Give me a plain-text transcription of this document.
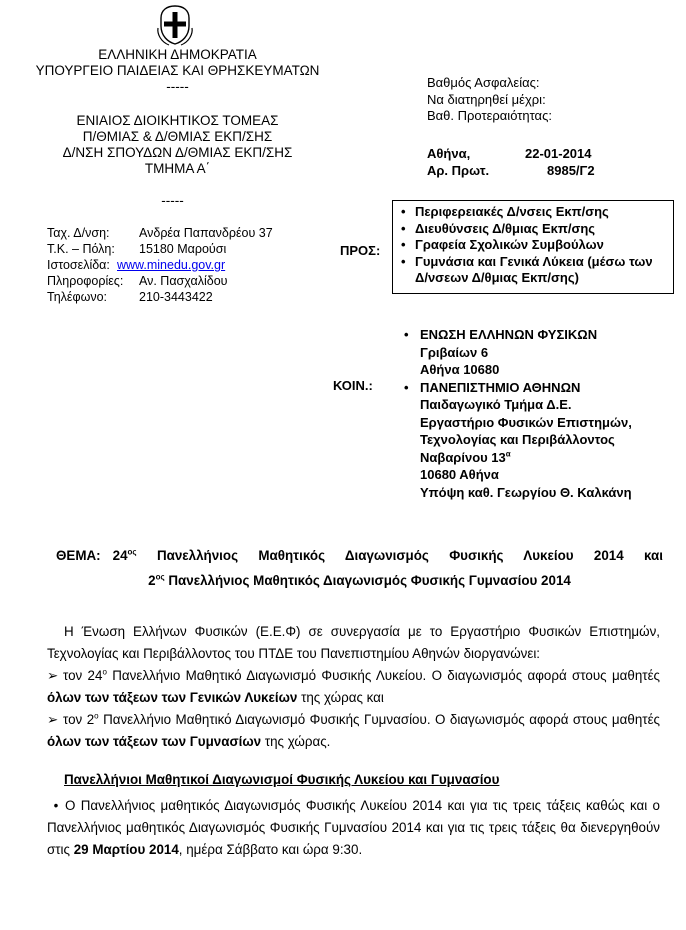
ΕΛΛΗΝΙΚΗ ΔΗΜΟΚΡΑΤΙΑ
ΥΠΟΥΡΓΕΙΟ ΠΑΙΔΕΙΑΣ ΚΑΙ ΘΡΗΣΚΕΥΜΑΤΩΝ
-----
ΕΝΙΑΙΟΣ ΔΙΟΙΚΗΤΙΚΟΣ ΤΟΜΕΑΣ
Π/ΘΜΙΑΣ & Δ/ΘΜΙΑΣ ΕΚΠ/ΣΗΣ
Δ/ΝΣΗ ΣΠΟΥΔΩΝ Δ/ΘΜΙΑΣ ΕΚΠ/ΣΗΣ
ΤΜΗΜΑ Α΄
-----
Ταχ. Δ/νση:	Ανδρέα Παπανδρέου 37
Τ.Κ. – Πόλη:	15180 Μαρούσι
Ιστοσελίδα: www.minedu.gov.gr
Πληροφορίες:	Αν. Πασχαλίδου
Τηλέφωνο:	210-3443422
Βαθμός Ασφαλείας:
Να διατηρηθεί μέχρι:
Βαθ. Προτεραιότητας:
Αθήνα,	22-01-2014
Αρ. Πρωτ.	8985/Γ2
ΠΡΟΣ:
• Περιφερειακές Δ/νσεις Εκπ/σης
• Διευθύνσεις Δ/θμιας Εκπ/σης
• Γραφεία Σχολικών Συμβούλων
• Γυμνάσια και Γενικά Λύκεια (μέσω των Δ/νσεων Δ/θμιας Εκπ/σης)
ΚΟΙΝ.:
• ΕΝΩΣΗ ΕΛΛΗΝΩΝ ΦΥΣΙΚΩΝ
Γριβαίων 6
Αθήνα 10680
• ΠΑΝΕΠΙΣΤΗΜΙΟ ΑΘΗΝΩΝ
Παιδαγωγικό Τμήμα Δ.Ε.
Εργαστήριο Φυσικών Επιστημών,
Τεχνολογίας και Περιβάλλοντος
Ναβαρίνου $13^\alpha$
10680 Αθήνα
Υπόψη καθ. Γεωργίου Θ. Καλκάνη
ΘΕΜΑ: $24^{o\varsigma}$ Πανελλήνιος Μαθητικός Διαγωνισμός Φυσικής Λυκείου 2014 και
$2^{o\varsigma}$ Πανελλήνιος Μαθητικός Διαγωνισμός Φυσικής Γυμνασίου 2014
Η Ένωση Ελλήνων Φυσικών (Ε.Ε.Φ) σε συνεργασία με το Εργαστήριο Φυσικών Επιστημών, Τεχνολογίας και Περιβάλλοντος του ΠΤΔΕ του Πανεπιστημίου Αθηνών διοργανώνει:
➢ τον $24^o$ Πανελλήνιο Μαθητικό Διαγωνισμό Φυσικής Λυκείου. Ο διαγωνισμός αφορά στους μαθητές όλων των τάξεων των Γενικών Λυκείων της χώρας και
➢ τον $2^o$ Πανελλήνιο Μαθητικό Διαγωνισμό Φυσικής Γυμνασίου. Ο διαγωνισμός αφορά στους μαθητές όλων των τάξεων των Γυμνασίων της χώρας.
Πανελλήνιοι Μαθητικοί Διαγωνισμοί Φυσικής Λυκείου και Γυμνασίου
• Ο Πανελλήνιος μαθητικός Διαγωνισμός Φυσικής Λυκείου 2014 και για τις τρεις τάξεις καθώς και ο Πανελλήνιος μαθητικός Διαγωνισμός Φυσικής Γυμνασίου 2014 και για τις τρεις τάξεις θα διενεργηθούν στις 29 Μαρτίου 2014, ημέρα Σάββατο και ώρα 9:30.
